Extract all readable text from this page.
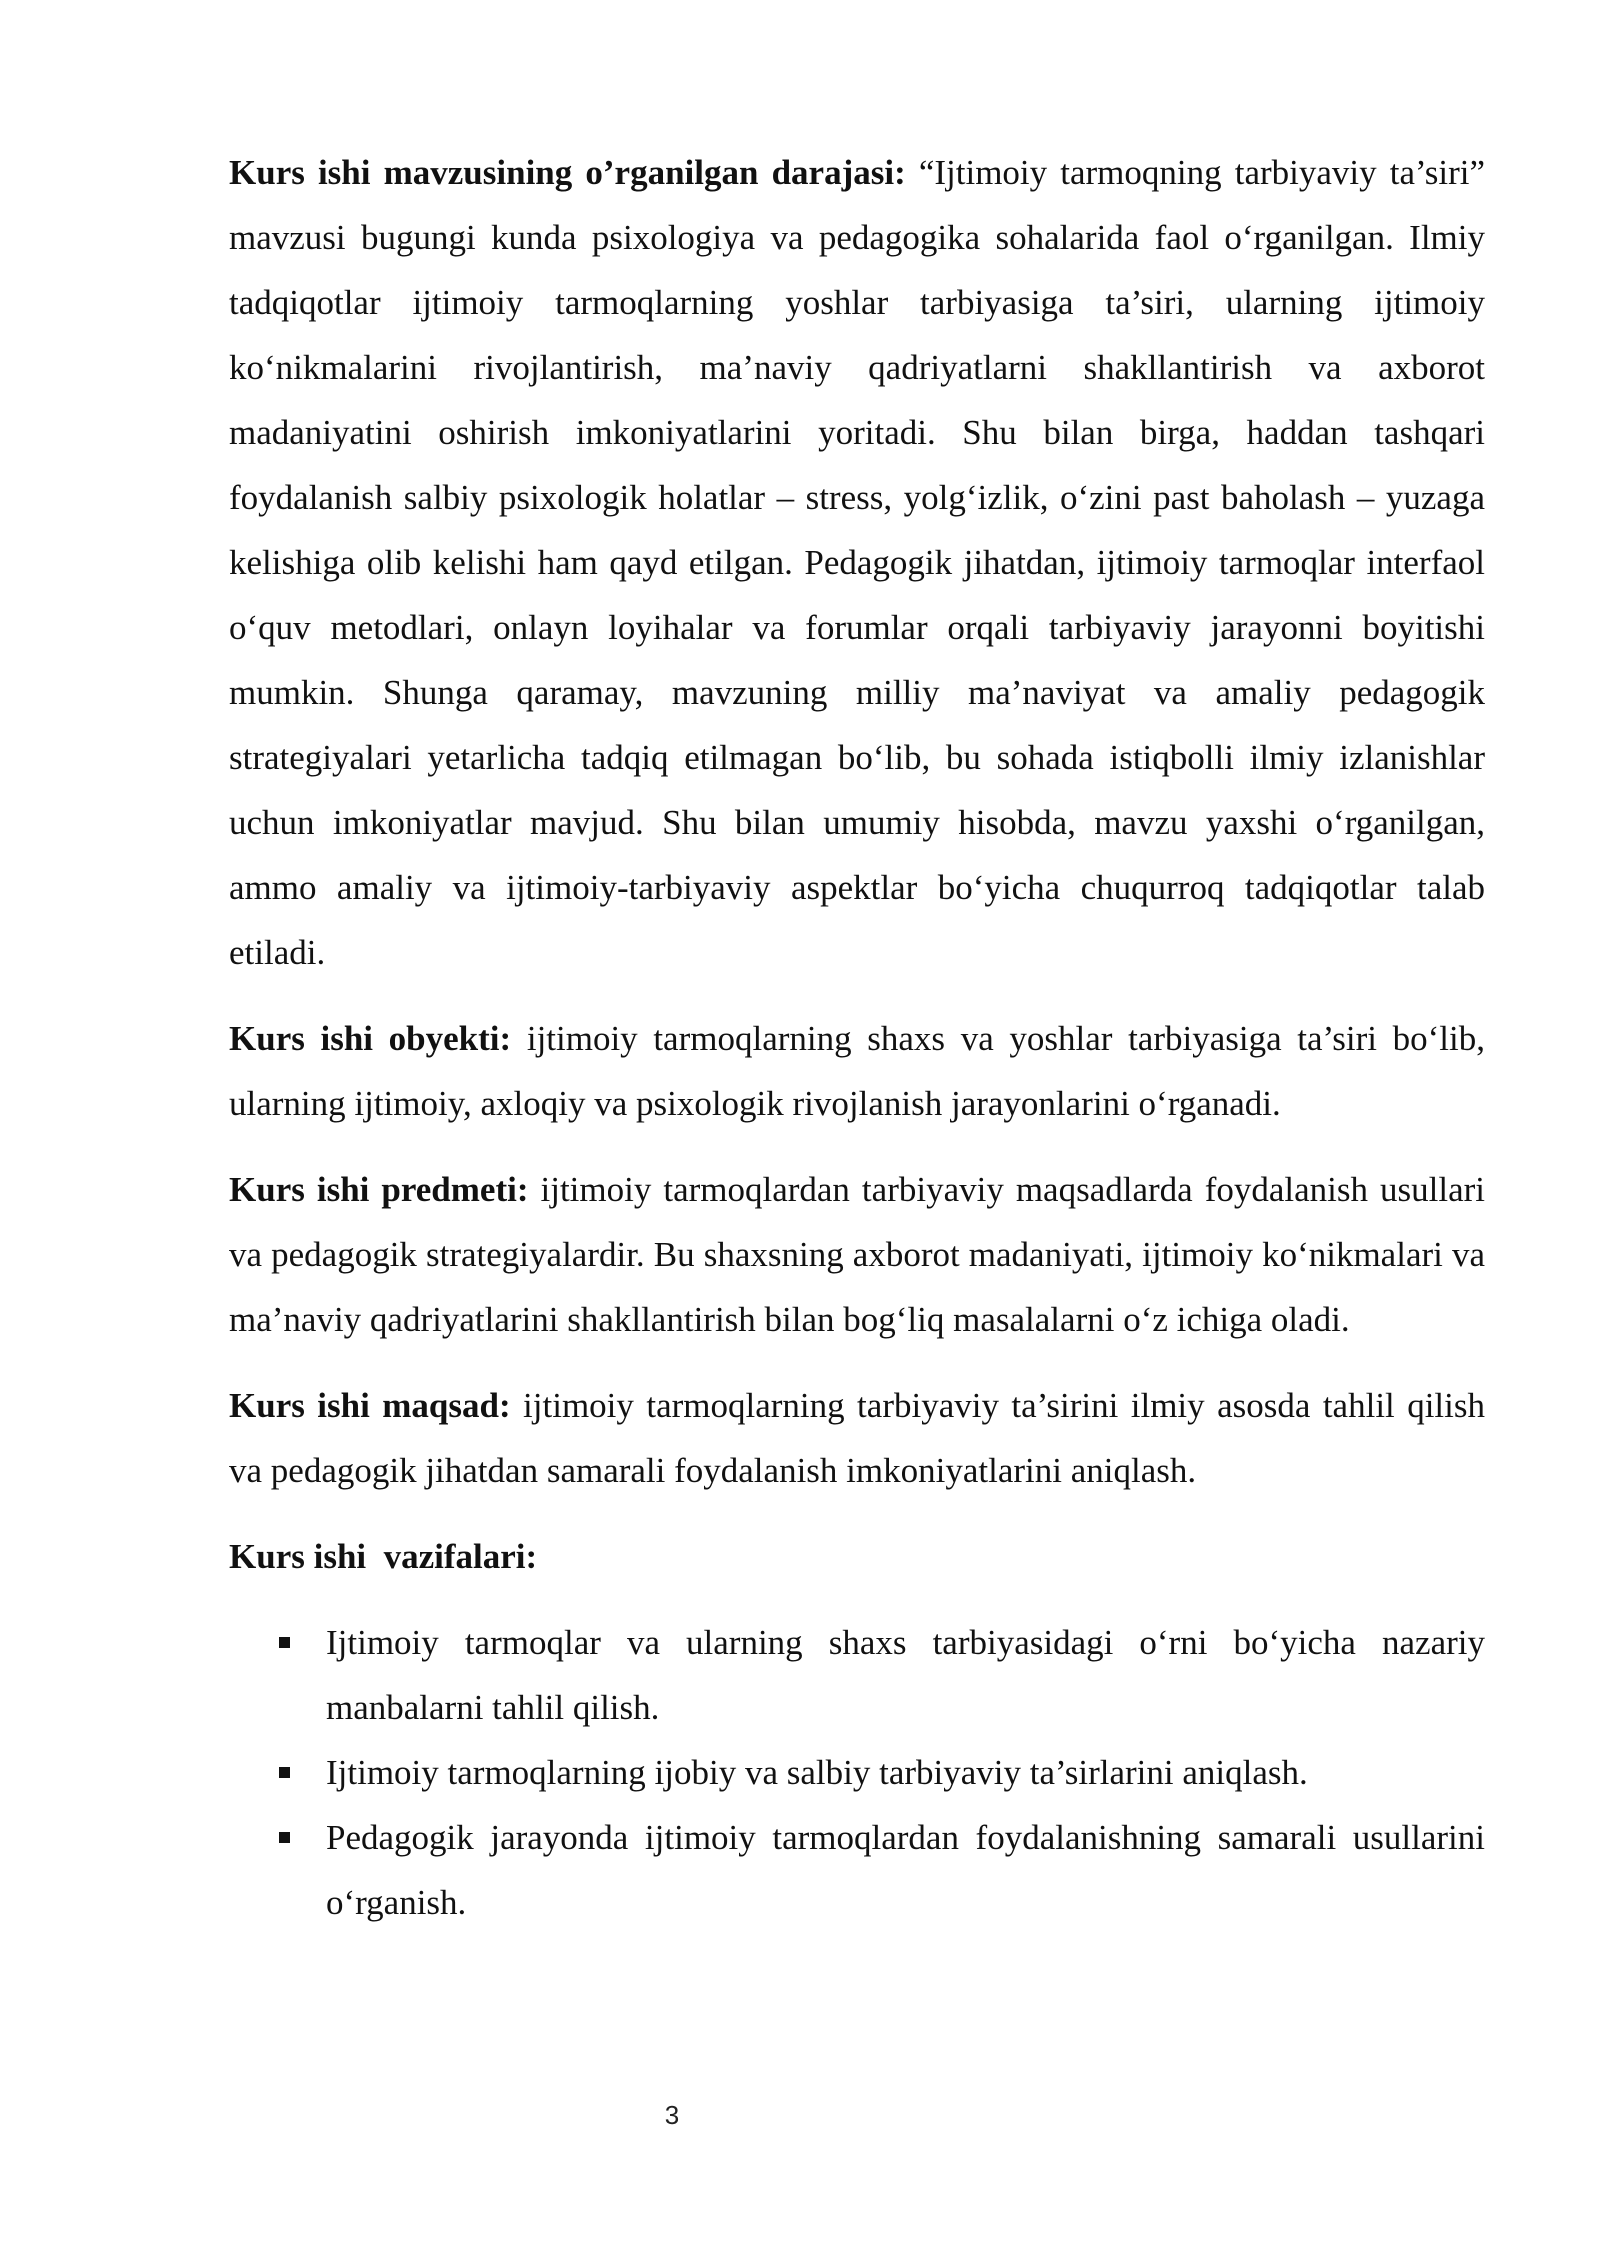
Kurs ishi mavzusining o’rganilgan darajasi: “Ijtimoiy tarmoqning tarbiyaviy ta’siri” mavzusi bugungi kunda psixologiya va pedagogika sohalarida faol o‘rganilgan. Ilmiy tadqiqotlar ijtimoiy tarmoqlarning yoshlar tarbiyasiga ta’siri, ularning ijtimoiy ko‘nikmalarini rivojlantirish, ma’naviy qadriyatlarni shakllantirish va axborot madaniyatini oshirish imkoniyatlarini yoritadi. Shu bilan birga, haddan tashqari foydalanish salbiy psixologik holatlar – stress, yolg‘izlik, o‘zini past baholash – yuzaga kelishiga olib kelishi ham qayd etilgan. Pedagogik jihatdan, ijtimoiy tarmoqlar interfaol o‘quv metodlari, onlayn loyihalar va forumlar orqali tarbiyaviy jarayonni boyitishi mumkin. Shunga qaramay, mavzuning milliy ma’naviyat va amaliy pedagogik strategiyalari yetarlicha tadqiq etilmagan bo‘lib, bu sohada istiqbolli ilmiy izlanishlar uchun imkoniyatlar mavjud. Shu bilan umumiy hisobda, mavzu yaxshi o‘rganilgan, ammo amaliy va ijtimoiy-tarbiyaviy aspektlar bo‘yicha chuqurroq tadqiqotlar talab etiladi.

Kurs ishi obyekti: ijtimoiy tarmoqlarning shaxs va yoshlar tarbiyasiga ta’siri bo‘lib, ularning ijtimoiy, axloqiy va psixologik rivojlanish jarayonlarini o‘rganadi.

Kurs ishi predmeti: ijtimoiy tarmoqlardan tarbiyaviy maqsadlarda foydalanish usullari va pedagogik strategiyalardir. Bu shaxsning axborot madaniyati, ijtimoiy ko‘nikmalari va ma’naviy qadriyatlarini shakllantirish bilan bog‘liq masalalarni o‘z ichiga oladi.

Kurs ishi maqsad: ijtimoiy tarmoqlarning tarbiyaviy ta’sirini ilmiy asosda tahlil qilish va pedagogik jihatdan samarali foydalanish imkoniyatlarini aniqlash.

Kurs ishi  vazifalari:

Ijtimoiy tarmoqlar va ularning shaxs tarbiyasidagi o‘rni bo‘yicha nazariy manbalarni tahlil qilish.
Ijtimoiy tarmoqlarning ijobiy va salbiy tarbiyaviy ta’sirlarini aniqlash.
Pedagogik jarayonda ijtimoiy tarmoqlardan foydalanishning samarali usullarini o‘rganish.
3
